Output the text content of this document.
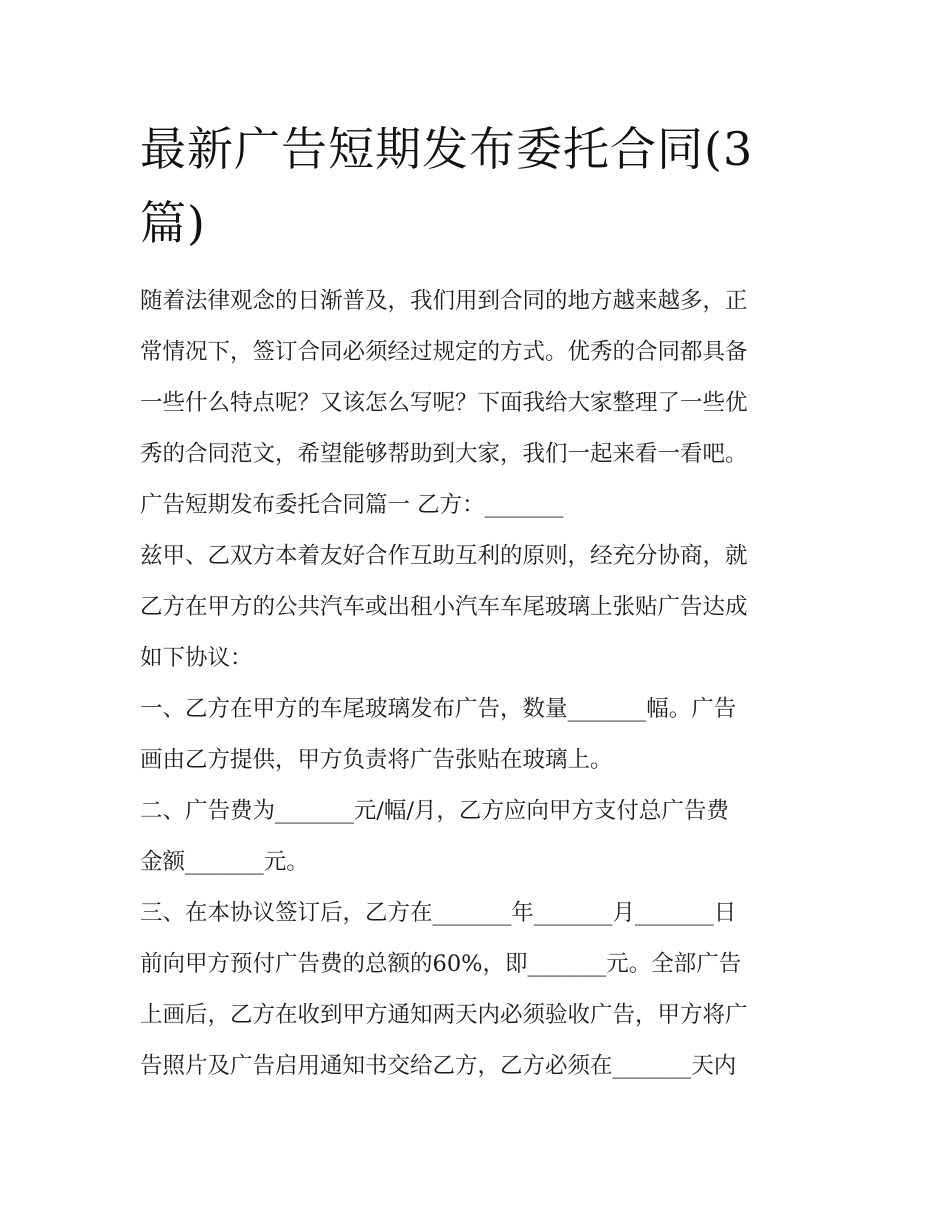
最新广告短期发布委托合同(3
篇)
随着法律观念的日渐普及，我们用到合同的地方越来越多，正
常情况下，签订合同必须经过规定的方式。优秀的合同都具备
一些什么特点呢？又该怎么写呢？下面我给大家整理了一些优
秀的合同范文，希望能够帮助到大家，我们一起来看一看吧。
广告短期发布委托合同篇一 乙方：_______
兹甲、乙双方本着友好合作互助互利的原则，经充分协商，就
乙方在甲方的公共汽车或出租小汽车车尾玻璃上张贴广告达成
如下协议：
一、乙方在甲方的车尾玻璃发布广告，数量_______幅。广告
画由乙方提供，甲方负责将广告张贴在玻璃上。
二、广告费为_______元/幅/月，乙方应向甲方支付总广告费
金额_______元。
三、在本协议签订后，乙方在_______年_______月_______日
前向甲方预付广告费的总额的60%，即_______元。全部广告
上画后，乙方在收到甲方通知两天内必须验收广告，甲方将广
告照片及广告启用通知书交给乙方，乙方必须在_______天内
